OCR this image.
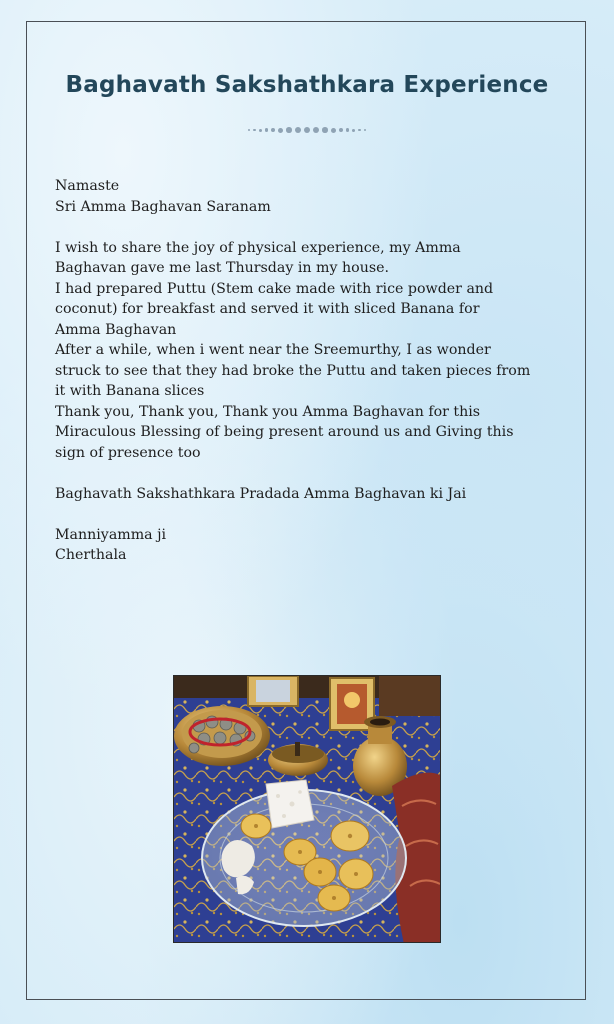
Baghavath Sakshathkara Experience

Namaste

Sri Amma Baghavan Saranam

I wish to share the joy of physical experience, my Amma

Baghavan gave me last Thursday in my house.

I had prepared Puttu (Stem cake made with rice powder and

coconut) for breakfast and served it with sliced Banana for

Amma Baghavan

After a while, when i went near the Sreemurthy, I as wonder

struck to see that they had broke the Puttu and taken pieces from

it with Banana slices

Thank you, Thank you, Thank you Amma Baghavan for this

Miraculous Blessing of being present around us and Giving this

sign of presence too

Baghavath Sakshathkara Pradada Amma Baghavan ki Jai

Manniyamma ji

Cherthala
